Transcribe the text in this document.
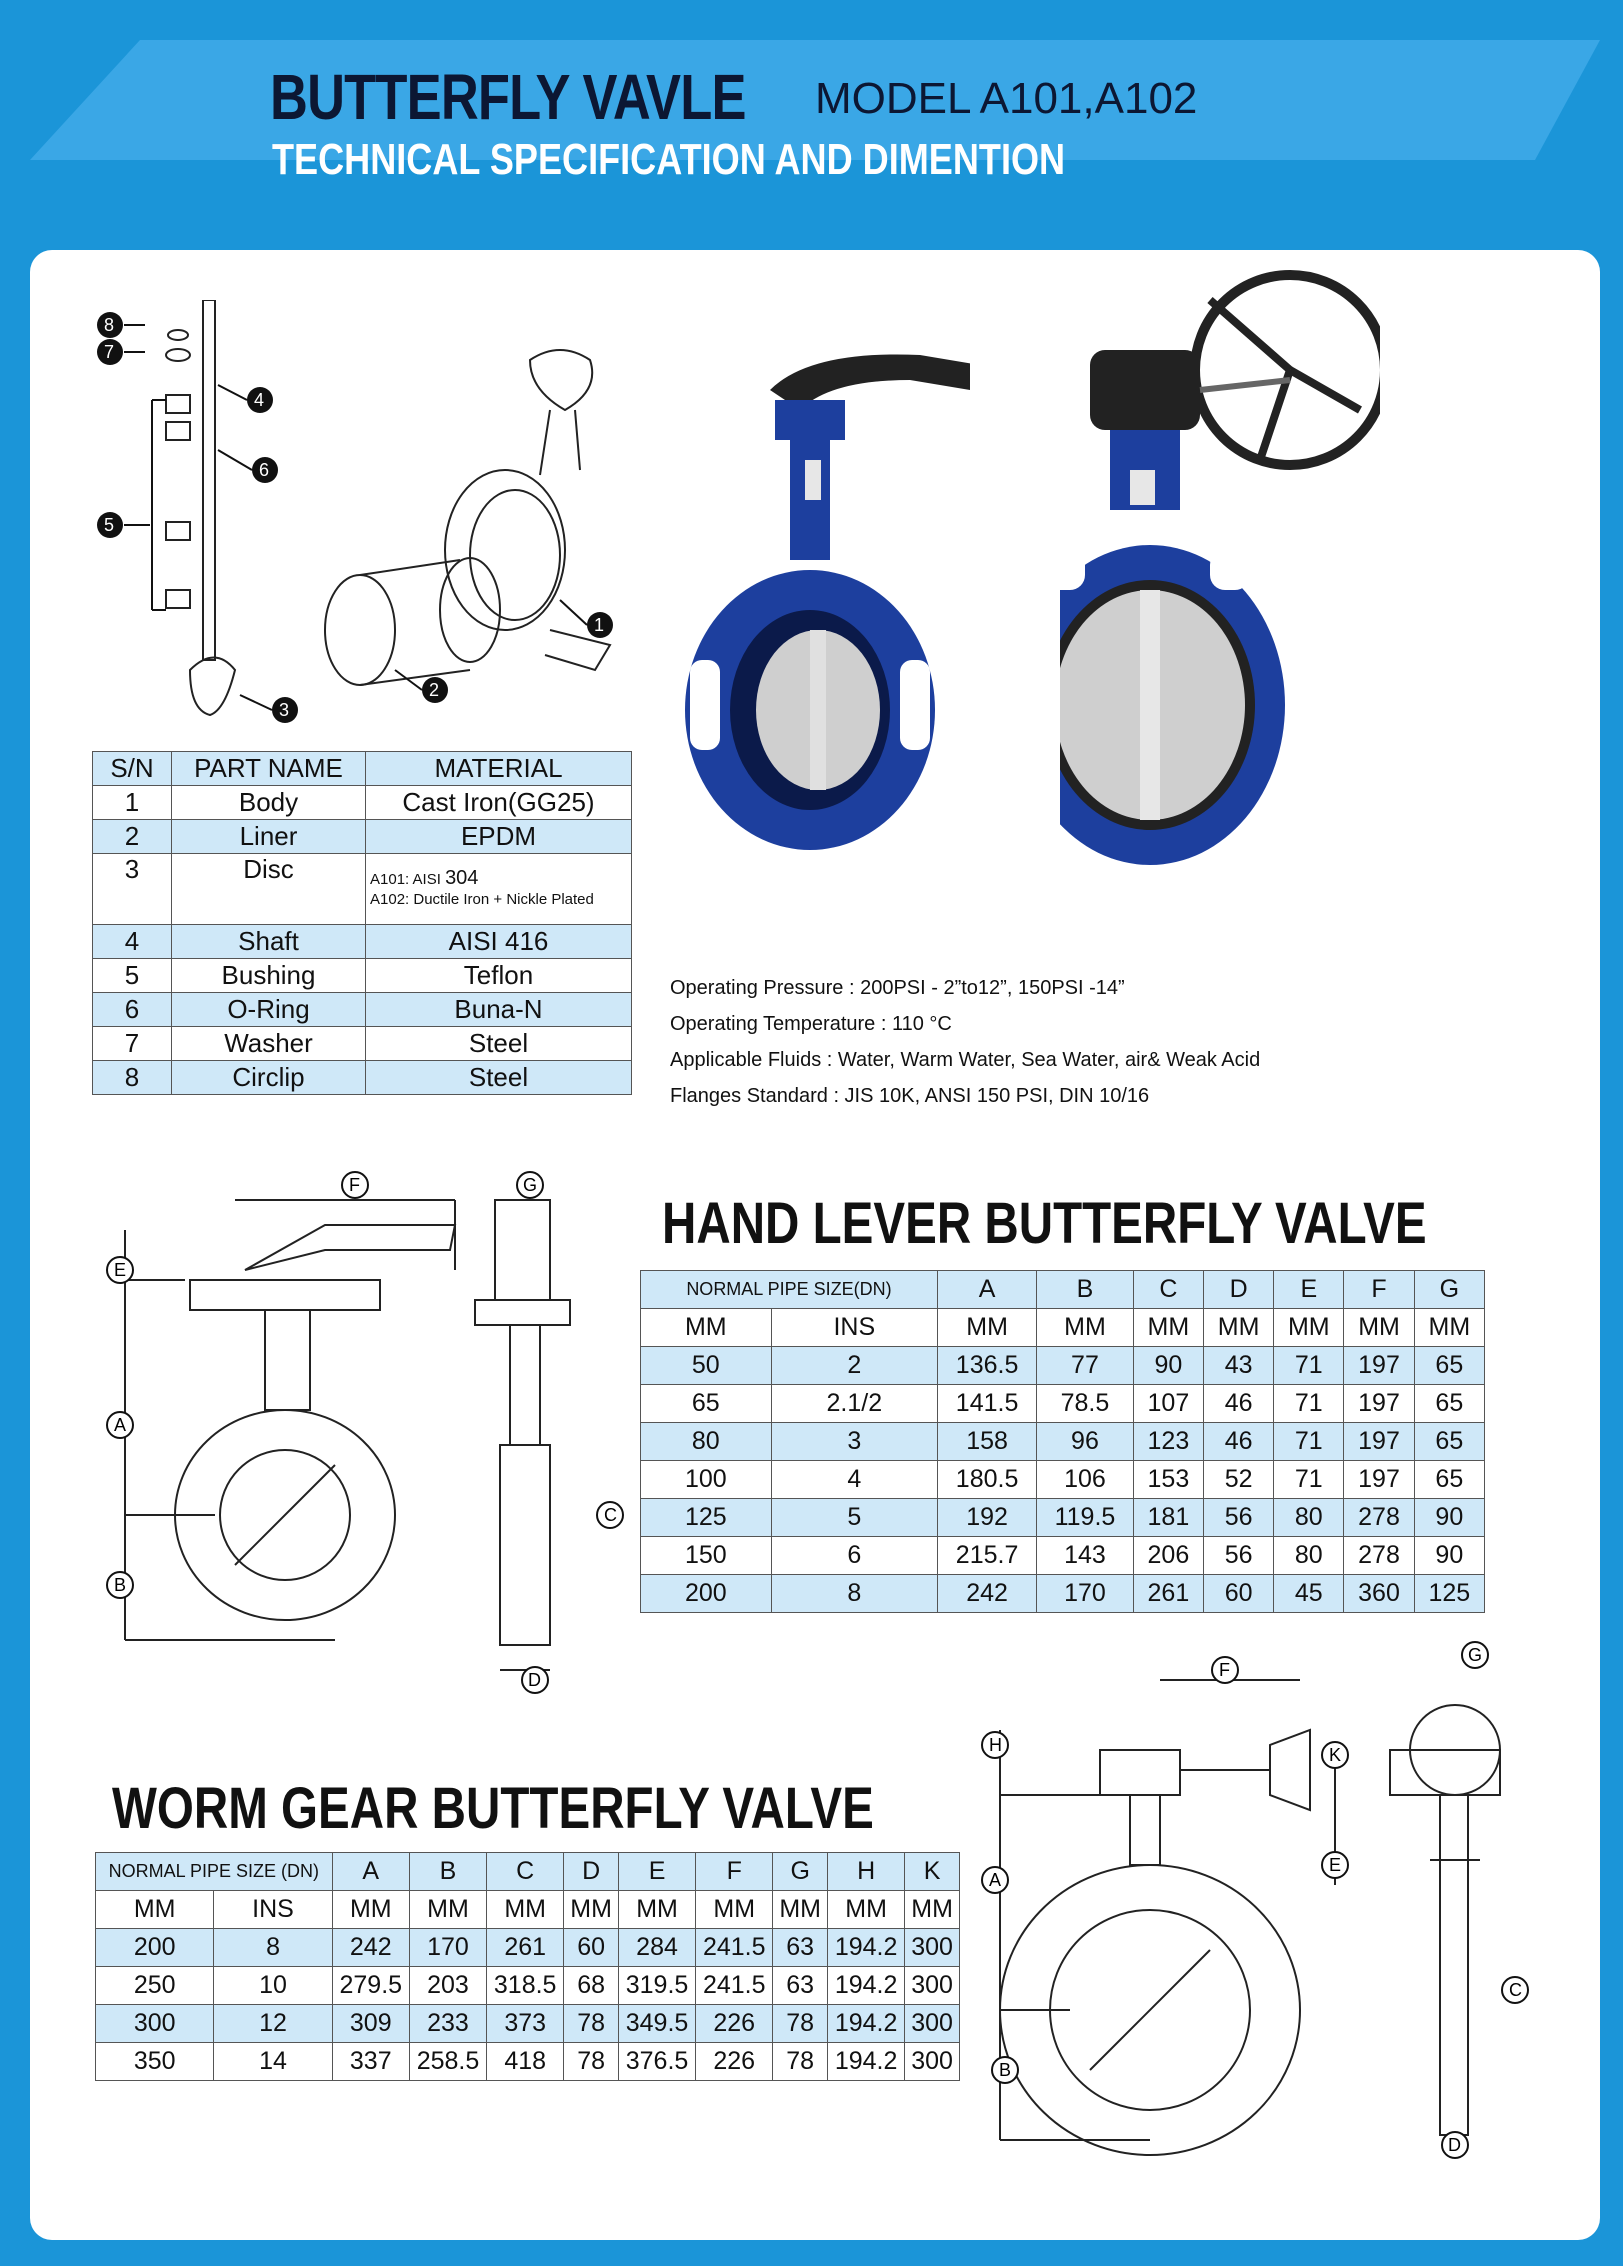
BUTTERFLY VAVLE MODEL A101,A102
TECHNICAL SPECIFICATION AND DIMENTION
8
7
5
4
6
3
2
1
S/N	PART NAME	MATERIAL
1	Body	Cast Iron(GG25)
2	Liner	EPDM
3	Disc	A101: AISI 304
A102: Ductile Iron + Nickle Plated

4	Shaft	AISI 416
5	Bushing	Teflon
6	O-Ring	Buna-N
7	Washer	Steel
8	Circlip	Steel
Operating Pressure : 200PSI - 2”to12”, 150PSI -14”
Operating Temperature : 110 °C
Applicable Fluids : Water, Warm Water, Sea Water, air& Weak Acid
Flanges Standard : JIS 10K, ANSI 150 PSI, DIN 10/16
F	G
E
A
B
C
D
HAND LEVER BUTTERFLY VALVE
NORMAL PIPE SIZE(DN)		A	B	C	D	E	F	G
MM	INS	MM	MM	MM	MM	MM	MM	MM
50	2	136.5	77	90	43	71	197	65
65	2.1/2	141.5	78.5	107	46	71	197	65
80	3	158	96	123	46	71	197	65
100	4	180.5	106	153	52	71	197	65
125	5	192	119.5	181	56	80	278	90
150	6	215.7	143	206	56	80	278	90
200	8	242	170	261	60	45	360	125
WORM GEAR BUTTERFLY VALVE
NORMAL PIPE SIZE (DN)		A	B	C	D	E	F	G	H	K
MM	INS	MM	MM	MM	MM	MM	MM	MM	MM	MM
200	8	242	170	261	60	284	241.5	63	194.2	300
250	10	279.5	203	318.5	68	319.5	241.5	63	194.2	300
300	12	309	233	373	78	349.5	226	78	194.2	300
350	14	337	258.5	418	78	376.5	226	78	194.2	300
F
G
H	K
E
A
B
C
D
